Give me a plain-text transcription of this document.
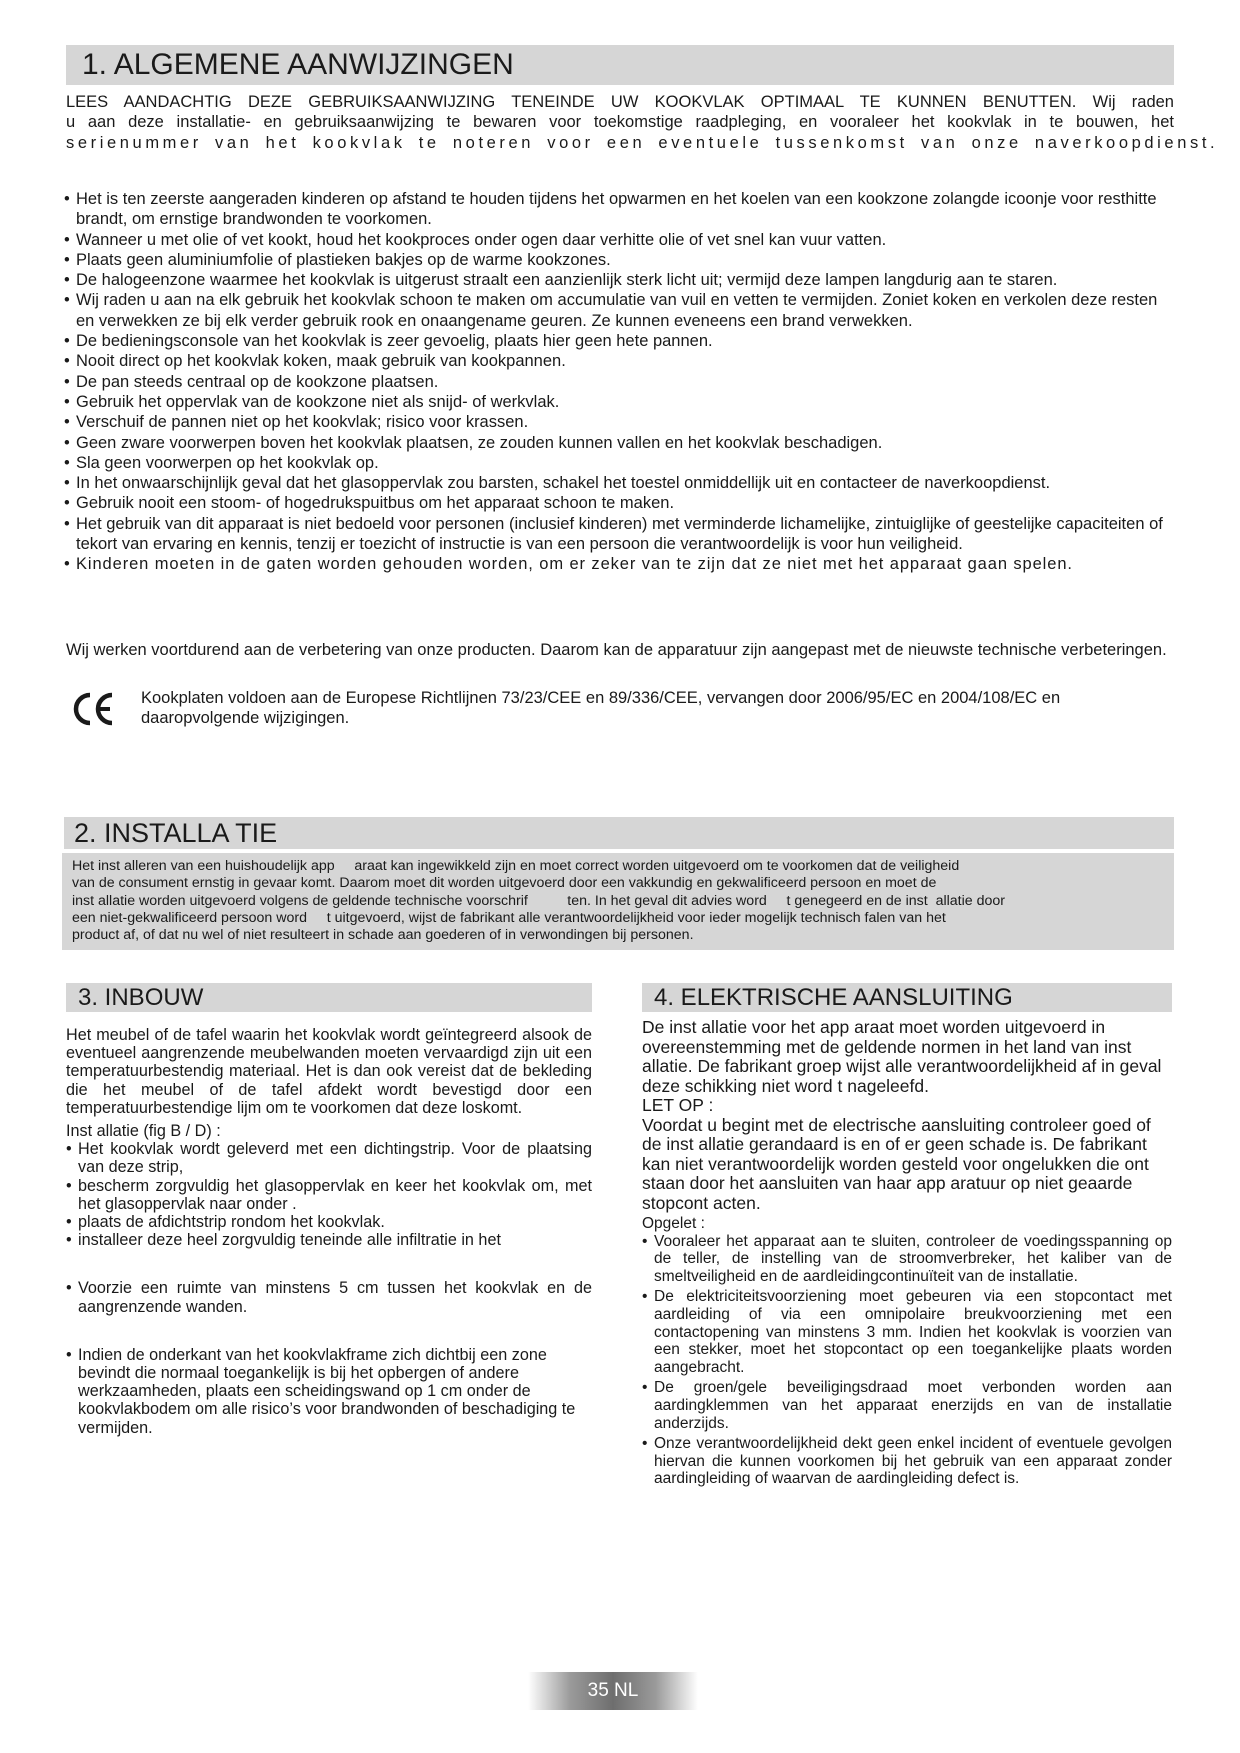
1. ALGEMENE AANWIJZINGEN
LEES AANDACHTIG DEZE GEBRUIKSAANWIJZING TENEINDE UW KOOKVLAK OPTIMAAL TE KUNNEN BENUTTEN. Wij raden
u aan deze installatie- en gebruiksaanwijzing te bewaren voor toekomstige raadpleging, en vooraleer het kookvlak in te bouwen, het
serienummer van het kookvlak te noteren voor een eventuele tussenkomst van onze naverkoopdienst.
• Het is ten zeerste aangeraden kinderen op afstand te houden tijdens het opwarmen en het koelen van een kookzone zolangde icoonje voor resthitte brandt, om ernstige brandwonden te voorkomen.
• Wanneer u met olie of vet kookt, houd het kookproces onder ogen daar verhitte olie of vet snel kan vuur vatten.
• Plaats geen aluminiumfolie of plastieken bakjes op de warme kookzones.
• De halogeenzone waarmee het kookvlak is uitgerust straalt een aanzienlijk sterk licht uit; vermijd deze lampen langdurig aan te staren.
• Wij raden u aan na elk gebruik het kookvlak schoon te maken om accumulatie van vuil en vetten te vermijden. Zoniet koken en verkolen deze resten en verwekken ze bij elk verder gebruik rook en onaangename geuren. Ze kunnen eveneens een brand verwekken.
• De bedieningsconsole van het kookvlak is zeer gevoelig, plaats hier geen hete pannen.
• Nooit direct op het kookvlak koken, maak gebruik van kookpannen.
• De pan steeds centraal op de kookzone plaatsen.
• Gebruik het oppervlak van de kookzone niet als snijd- of werkvlak.
• Verschuif de pannen niet op het kookvlak; risico voor krassen.
• Geen zware voorwerpen boven het kookvlak plaatsen, ze zouden kunnen vallen en het kookvlak beschadigen.
• Sla geen voorwerpen op het kookvlak op.
• In het onwaarschijnlijk geval dat het glasoppervlak zou barsten, schakel het toestel onmiddellijk uit en contacteer de naverkoopdienst.
• Gebruik nooit een stoom- of hogedrukspuitbus om het apparaat schoon te maken.
• Het gebruik van dit apparaat is niet bedoeld voor personen (inclusief kinderen) met verminderde lichamelijke, zintuiglijke of geestelijke capaciteiten of tekort van ervaring en kennis, tenzij er toezicht of instructie is van een persoon die verantwoordelijk is voor hun veiligheid.
• Kinderen moeten in de gaten worden gehouden worden, om er zeker van te zijn dat ze niet met het apparaat gaan spelen.
Wij werken voortdurend aan de verbetering van onze producten. Daarom kan de apparatuur zijn aangepast met de nieuwste technische verbeteringen.
Kookplaten voldoen aan de Europese Richtlijnen 73/23/CEE en 89/336/CEE, vervangen door 2006/95/EC en 2004/108/EC en daaropvolgende wijzigingen.
2. INSTALLA TIE
Het inst alleren van een huishoudelijk app     araat kan ingewikkeld zijn en moet correct worden uitgevoerd om te voorkomen dat de veiligheid
van de consument ernstig in gevaar komt. Daarom moet dit worden uitgevoerd door een vakkundig en gekwalificeerd persoon en moet de
inst allatie worden uitgevoerd volgens de geldende technische voorschrif          ten. In het geval dit advies word     t genegeerd en de inst  allatie door
een niet-gekwalificeerd persoon word     t uitgevoerd, wijst de fabrikant alle verantwoordelijkheid voor ieder mogelijk technisch falen van het
product af, of dat nu wel of niet resulteert in schade aan goederen of in verwondingen bij personen.
3. INBOUW
Het meubel of de tafel waarin het kookvlak wordt geïntegreerd alsook de eventueel aangrenzende meubelwanden moeten vervaardigd zijn uit een temperatuurbestendig materiaal. Het is dan ook vereist dat de bekleding die het meubel of de tafel afdekt wordt bevestigd door een temperatuurbestendige lijm om te voorkomen dat deze loskomt.
Inst allatie (fig B / D) :
• Het kookvlak wordt geleverd met een dichtingstrip. Voor de plaatsing van deze strip,
• bescherm zorgvuldig het glasoppervlak en keer het kookvlak om, met het glasoppervlak naar onder .
• plaats de afdichtstrip rondom het kookvlak.
• installeer deze heel zorgvuldig teneinde alle infiltratie in het
• Voorzie een ruimte van minstens 5 cm tussen het kookvlak en de aangrenzende wanden.
• Indien de onderkant van het kookvlakframe zich dichtbij een zone bevindt die normaal toegankelijk is bij het opbergen of andere werkzaamheden, plaats een scheidingswand op 1 cm onder de kookvlakbodem om alle risico’s voor brandwonden of beschadiging te vermijden.
4. ELEKTRISCHE AANSLUITING
De inst allatie voor het app araat moet worden uitgevoerd in overeenstemming met de geldende normen in het land van inst allatie. De fabrikant groep wijst alle verantwoordelijkheid af in geval deze schikking niet word t nageleefd.
LET OP :
Voordat u begint met de electrische aansluiting controleer goed of de inst allatie gerandaard is en of er geen schade is. De fabrikant kan niet verantwoordelijk worden gesteld voor ongelukken die ont staan door het aansluiten van haar app aratuur op niet geaarde stopcont acten.
Opgelet :
• Vooraleer het apparaat aan te sluiten, controleer de voedingsspanning op de teller, de instelling van de stroomverbreker, het kaliber van de smeltveiligheid en de aardleidingcontinuïteit van de installatie.
• De elektriciteitsvoorziening moet gebeuren via een stopcontact met aardleiding of via een omnipolaire breukvoorziening met een contactopening van minstens 3 mm. Indien het kookvlak is voorzien van een stekker, moet het stopcontact op een toegankelijke plaats worden aangebracht.
• De groen/gele beveiligingsdraad moet verbonden worden aan aardingklemmen van het apparaat enerzijds en van de installatie anderzijds.
• Onze verantwoordelijkheid dekt geen enkel incident of eventuele gevolgen hiervan die kunnen voorkomen bij het gebruik van een apparaat zonder aardingleiding of waarvan de aardingleiding defect is.
35 NL
